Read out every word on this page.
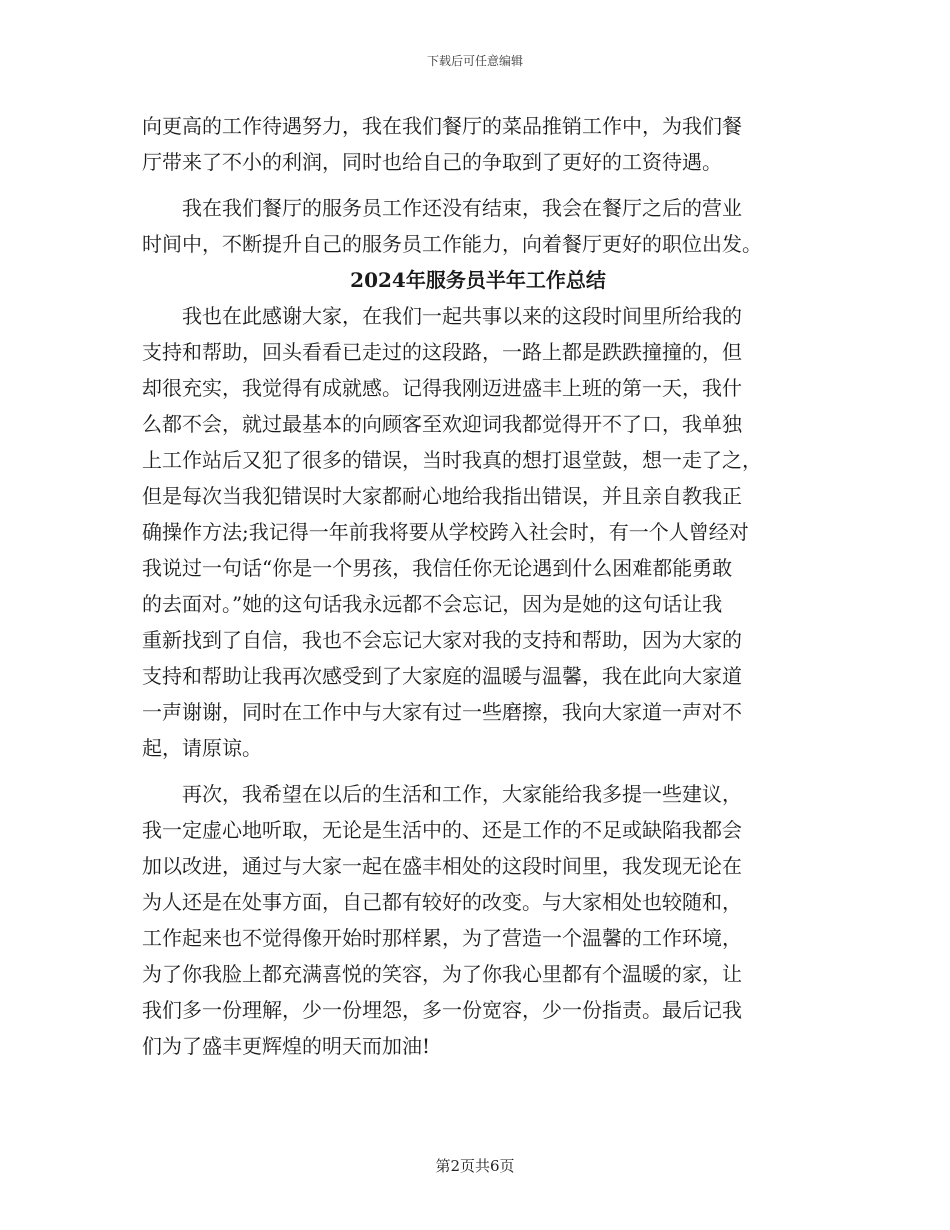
下载后可任意编辑
向更高的工作待遇努力，我在我们餐厅的菜品推销工作中，为我们餐
厅带来了不小的利润，同时也给自己的争取到了更好的工资待遇。
　　我在我们餐厅的服务员工作还没有结束，我会在餐厅之后的营业
时间中，不断提升自己的服务员工作能力，向着餐厅更好的职位出发。
2024年服务员半年工作总结
　　我也在此感谢大家，在我们一起共事以来的这段时间里所给我的
支持和帮助，回头看看已走过的这段路，一路上都是跌跌撞撞的，但
却很充实，我觉得有成就感。记得我刚迈进盛丰上班的第一天，我什
么都不会，就过最基本的向顾客至欢迎词我都觉得开不了口，我单独
上工作站后又犯了很多的错误，当时我真的想打退堂鼓，想一走了之，
但是每次当我犯错误时大家都耐心地给我指出错误，并且亲自教我正
确操作方法;我记得一年前我将要从学校跨入社会时，有一个人曾经对
我说过一句话“你是一个男孩，我信任你无论遇到什么困难都能勇敢
的去面对。”她的这句话我永远都不会忘记，因为是她的这句话让我
重新找到了自信，我也不会忘记大家对我的支持和帮助，因为大家的
支持和帮助让我再次感受到了大家庭的温暖与温馨，我在此向大家道
一声谢谢，同时在工作中与大家有过一些磨擦，我向大家道一声对不
起，请原谅。
　　再次，我希望在以后的生活和工作，大家能给我多提一些建议，
我一定虚心地听取，无论是生活中的、还是工作的不足或缺陷我都会
加以改进，通过与大家一起在盛丰相处的这段时间里，我发现无论在
为人还是在处事方面，自己都有较好的改变。与大家相处也较随和，
工作起来也不觉得像开始时那样累，为了营造一个温馨的工作环境，
为了你我脸上都充满喜悦的笑容，为了你我心里都有个温暖的家，让
我们多一份理解，少一份埋怨，多一份宽容，少一份指责。最后记我
们为了盛丰更辉煌的明天而加油!
第2页共6页
